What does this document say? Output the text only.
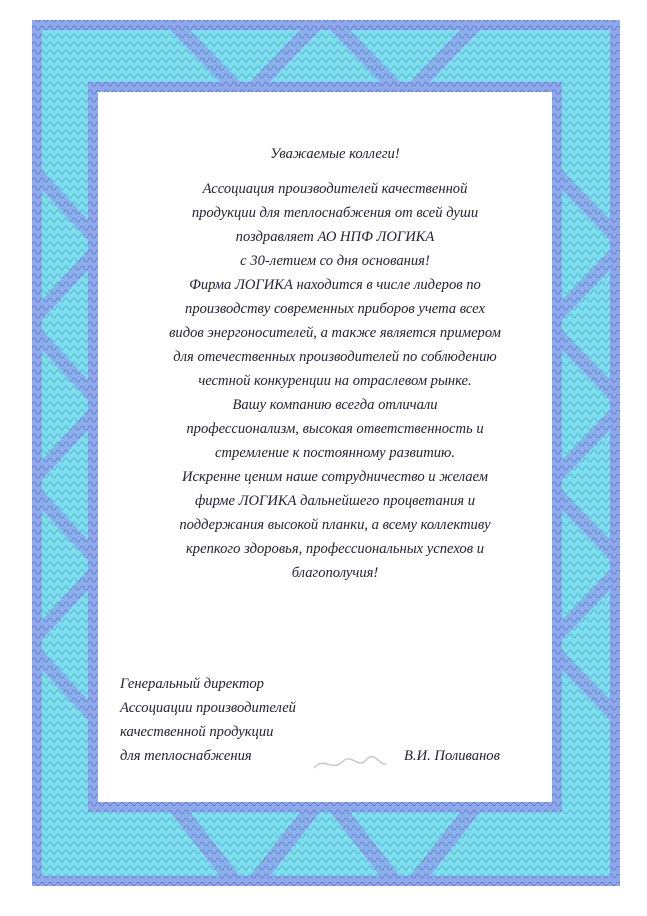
Уважаемые коллеги!
Ассоциация производителей качественной
продукции для теплоснабжения от всей души
поздравляет АО НПФ ЛОГИКА
с 30-летием со дня основания!
Фирма ЛОГИКА находится в числе лидеров по
производству современных приборов учета всех
видов энергоносителей, а также является примером
для отечественных производителей по соблюдению
честной конкуренции на отраслевом рынке.
Вашу компанию всегда отличали
профессионализм, высокая ответственность и
стремление к постоянному развитию.
Искренне ценим наше сотрудничество и желаем
фирме ЛОГИКА дальнейшего процветания и
поддержания высокой планки, а всему коллективу
крепкого здоровья, профессиональных успехов и
благополучия!
Генеральный директор
Ассоциации производителей
качественной продукции
для теплоснабжения	В.И. Поливанов
